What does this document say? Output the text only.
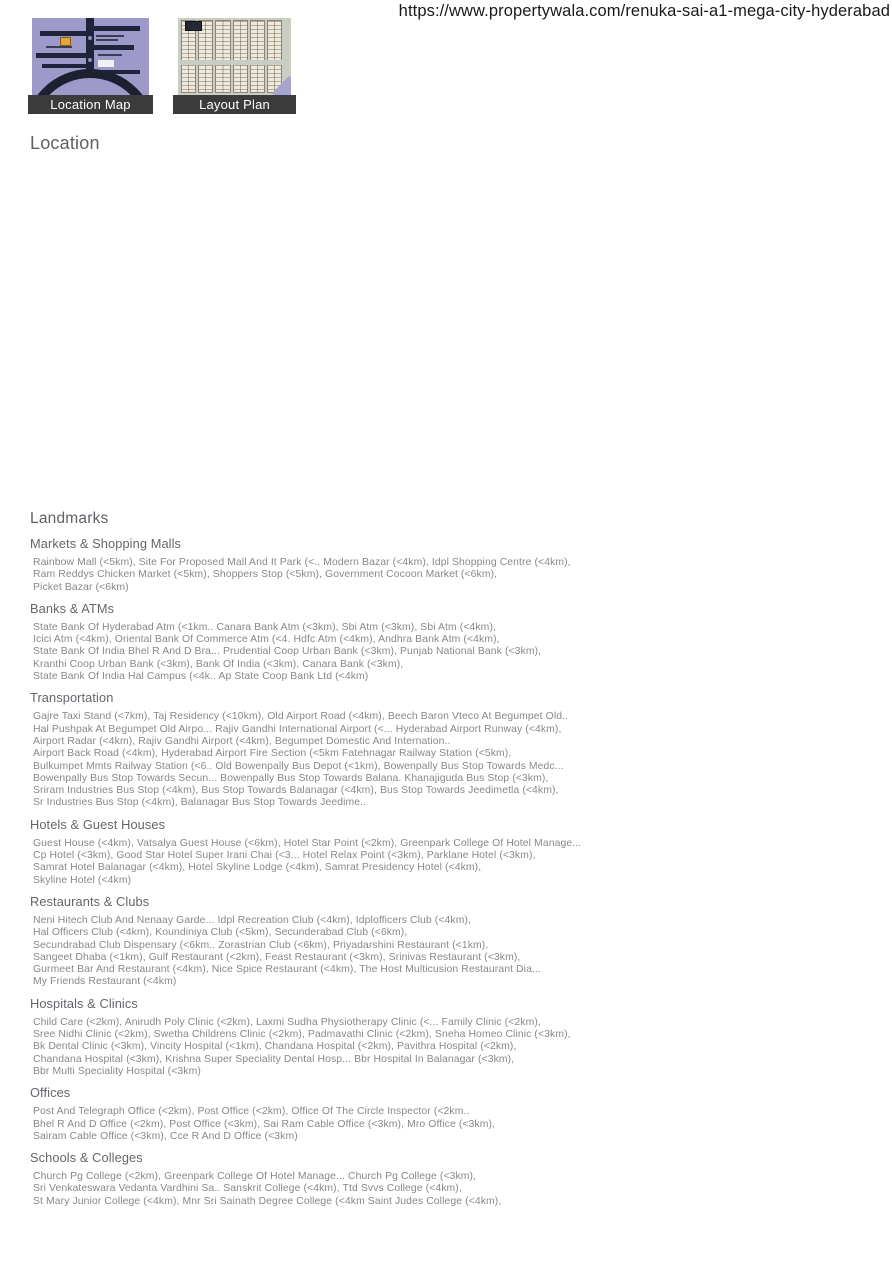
https://www.propertywala.com/renuka-sai-a1-mega-city-hyderabad
Location Map	Layout Plan
Location
Landmarks
Markets & Shopping Malls
Rainbow Mall (<5km), Site For Proposed Mall And It Park (<.. Modern Bazar (<4km), Idpl Shopping Centre (<4km),
Ram Reddys Chicken Market (<5km), Shoppers Stop (<5km), Government Cocoon Market (<6km),
Picket Bazar (<6km)
Banks & ATMs
State Bank Of Hyderabad Atm (<1km.. Canara Bank Atm (<3km), Sbi Atm (<3km), Sbi Atm (<4km),
Icici Atm (<4km), Oriental Bank Of Commerce Atm (<4. Hdfc Atm (<4km), Andhra Bank Atm (<4km),
State Bank Of India Bhel R And D Bra... Prudential Coop Urban Bank (<3km), Punjab National Bank (<3km),
Kranthi Coop Urban Bank (<3km), Bank Of India (<3km), Canara Bank (<3km),
State Bank Of India Hal Campus (<4k.. Ap State Coop Bank Ltd (<4km)
Transportation
Gajre Taxi Stand (<7km), Taj Residency (<10km), Old Airport Road (<4km), Beech Baron Vteco At Begumpet Old..
Hal Pushpak At Begumpet Old Airpo... Rajiv Gandhi International Airport (<... Hyderabad Airport Runway (<4km),
Airport Radar (<4km), Rajiv Gandhi Airport (<4km), Begumpet Domestic And Internation..
Airport Back Road (<4km), Hyderabad Airport Fire Section (<5km Fatehnagar Railway Station (<5km),
Bulkumpet Mmts Railway Station (<6.. Old Bowenpally Bus Depot (<1km), Bowenpally Bus Stop Towards Medc...
Bowenpally Bus Stop Towards Secun... Bowenpally Bus Stop Towards Balana. Khanajiguda Bus Stop (<3km),
Sriram Industries Bus Stop (<4km), Bus Stop Towards Balanagar (<4km), Bus Stop Towards Jeedimetla (<4km),
Sr Industries Bus Stop (<4km), Balanagar Bus Stop Towards Jeedime..
Hotels & Guest Houses
Guest House (<4km), Vatsalya Guest House (<6km), Hotel Star Point (<2km), Greenpark College Of Hotel Manage...
Cp Hotel (<3km), Good Star Hotel Super Irani Chai (<3... Hotel Relax Point (<3km), Parklane Hotel (<3km),
Samrat Hotel Balanagar (<4km), Hotel Skyline Lodge (<4km), Samrat Presidency Hotel (<4km),
Skyline Hotel (<4km)
Restaurants & Clubs
Neni Hitech Club And Nenaay Garde... Idpl Recreation Club (<4km), Idplofficers Club (<4km),
Hal Officers Club (<4km), Koundiniya Club (<5km), Secunderabad Club (<6km),
Secundrabad Club Dispensary (<6km.. Zorastrian Club (<6km), Priyadarshini Restaurant (<1km),
Sangeet Dhaba (<1km), Gulf Restaurant (<2km), Feast Restaurant (<3km), Srinivas Restaurant (<3km),
Gurmeet Bar And Restaurant (<4km), Nice Spice Restaurant (<4km), The Host Multicusion Restaurant Dia...
My Friends Restaurant (<4km)
Hospitals & Clinics
Child Care (<2km), Anirudh Poly Clinic (<2km), Laxmi Sudha Physiotherapy Clinic (<... Family Clinic (<2km),
Sree Nidhi Clinic (<2km), Swetha Childrens Clinic (<2km), Padmavathi Clinic (<2km), Sneha Homeo Clinic (<3km),
Bk Dental Clinic (<3km), Vincity Hospital (<1km), Chandana Hospital (<2km), Pavithra Hospital (<2km),
Chandana Hospital (<3km), Krishna Super Speciality Dental Hosp... Bbr Hospital In Balanagar (<3km),
Bbr Multi Speciality Hospital (<3km)
Offices
Post And Telegraph Office (<2km), Post Office (<2km), Office Of The Circle Inspector (<2km..
Bhel R And D Office (<2km), Post Office (<3km), Sai Ram Cable Office (<3km), Mro Office (<3km),
Sairam Cable Office (<3km), Cce R And D Office (<3km)
Schools & Colleges
Church Pg College (<2km), Greenpark College Of Hotel Manage... Church Pg College (<3km),
Sri Venkateswara Vedanta Vardhini Sa.. Sanskrit College (<4km), Ttd Svvs College (<4km),
St Mary Junior College (<4km), Mnr Sri Sainath Degree College (<4km Saint Judes College (<4km),
